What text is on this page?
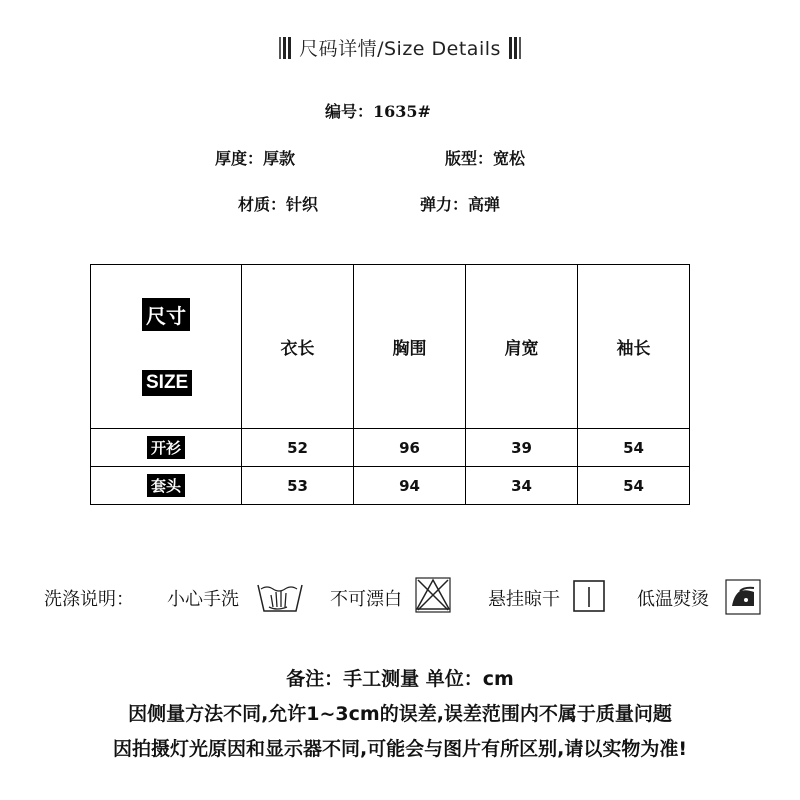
尺码详情/Size Details
编号：1635#
厚度：厚款	版型：宽松
材质：针织	弹力：高弹
尺寸
SIZE	衣长	胸围	肩宽	袖长
开衫	52	96	39	54
套头	53	94	34	54
洗涤说明： 小心手洗	不可漂白	悬挂晾干	低温熨烫
备注：手工测量 单位：cm
因侧量方法不同,允许1~3cm的误差,误差范围内不属于质量问题
因拍摄灯光原因和显示器不同,可能会与图片有所区别,请以实物为准!
